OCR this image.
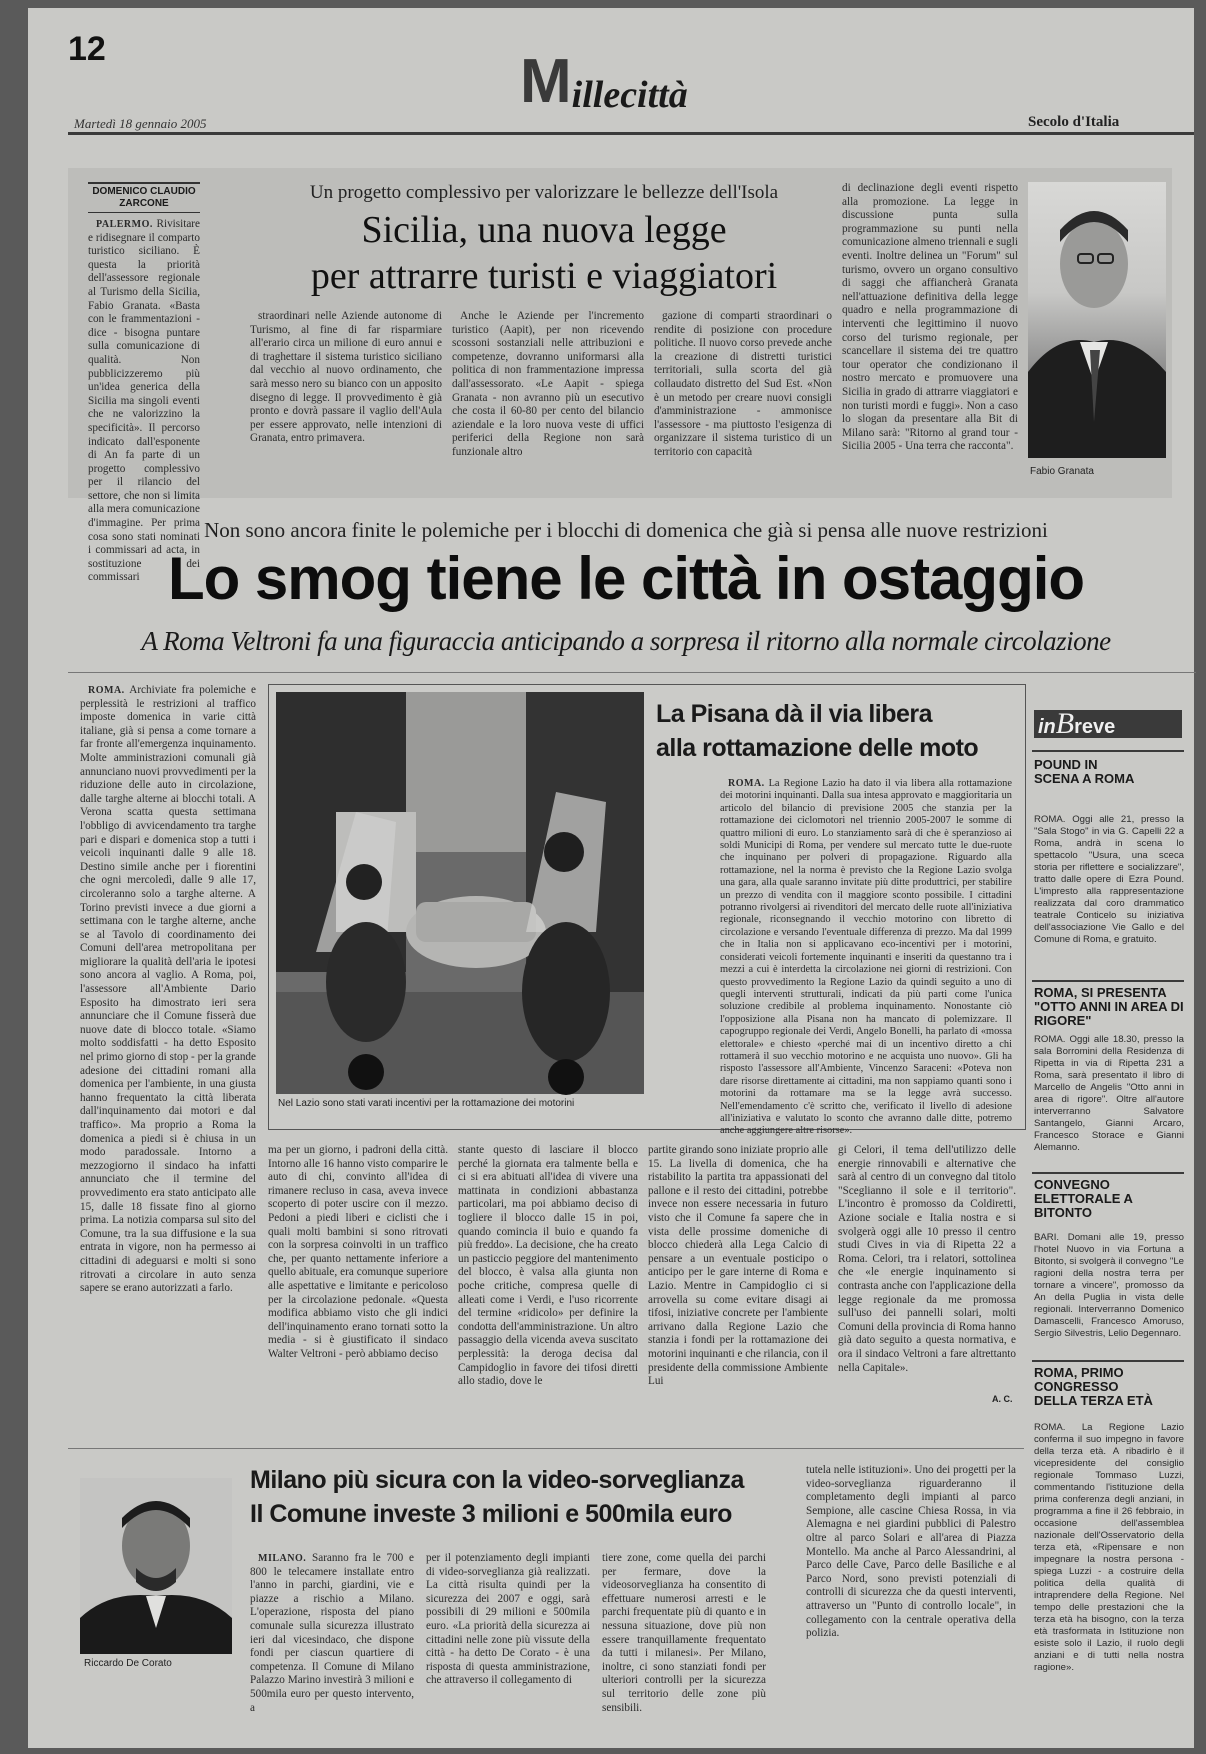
12	Millecittà
Martedì 18 gennaio 2005	Secolo d'Italia
DOMENICO CLAUDIO ZARCONE

PALERMO. Rivisitare e ridisegnare il comparto turistico siciliano. È questa la priorità dell'assessore regionale al Turismo della Sicilia, Fabio Granata. «Basta con le frammentazioni - dice - bisogna puntare sulla comunicazione di qualità. Non pubblicizzeremo più un'idea generica della Sicilia ma singoli eventi che ne valorizzino la specificità». Il percorso indicato dall'esponente di An fa parte di un progetto complessivo per il rilancio del settore, che non si limita alla mera comunicazione d'immagine. Per prima cosa sono stati nominati i commissari ad acta, in sostituzione dei commissari

Un progetto complessivo per valorizzare le bellezze dell'Isola
Sicilia, una nuova legge
per attrarre turisti e viaggiatori

straordinari nelle Aziende autonome di Turismo, al fine di far risparmiare all'erario circa un milione di euro annui e di traghettare il sistema turistico siciliano dal vecchio al nuovo ordinamento, che sarà messo nero su bianco con un apposito disegno di legge. Il provvedimento è già pronto e dovrà passare il vaglio dell'Aula per essere approvato, nelle intenzioni di Granata, entro primavera.

Anche le Aziende per l'incremento turistico (Aapit), per non ricevendo scossoni sostanziali nelle attribuzioni e competenze, dovranno uniformarsi alla politica di non frammentazione impressa dall'assessorato. «Le Aapit - spiega Granata - non avranno più un esecutivo che costa il 60-80 per cento del bilancio aziendale e la loro nuova veste di uffici periferici della Regione non sarà funzionale altro

gazione di comparti straordinari o rendite di posizione con procedure politiche. Il nuovo corso prevede anche la creazione di distretti turistici territoriali, sulla scorta del già collaudato distretto del Sud Est. «Non è un metodo per creare nuovi consigli d'amministrazione - ammonisce l'assessore - ma piuttosto l'esigenza di organizzare il sistema turistico di un territorio con capacità

di declinazione degli eventi rispetto alla promozione. La legge in discussione punta sulla programmazione su punti nella comunicazione almeno triennali e sugli eventi. Inoltre delinea un "Forum" sul turismo, ovvero un organo consultivo di saggi che affiancherà Granata nell'attuazione definitiva della legge quadro e nella programmazione di interventi che legittimino il nuovo corso del turismo regionale, per scancellare il sistema dei tre quattro tour operator che condizionano il nostro mercato e promuovere una Sicilia in grado di attrarre viaggiatori e non turisti mordi e fuggi». Non a caso lo slogan da presentare alla Bit di Milano sarà: "Ritorno al grand tour - Sicilia 2005 - Una terra che racconta".

Fabio Granata
Non sono ancora finite le polemiche per i blocchi di domenica che già si pensa alle nuove restrizioni
Lo smog tiene le città in ostaggio
A Roma Veltroni fa una figuraccia anticipando a sorpresa il ritorno alla normale circolazione

ROMA. Archiviate fra polemiche e perplessità le restrizioni al traffico imposte domenica in varie città italiane, già si pensa a come tornare a far fronte all'emergenza inquinamento. Molte amministrazioni comunali già annunciano nuovi provvedimenti per la riduzione delle auto in circolazione, dalle targhe alterne ai blocchi totali. A Verona scatta questa settimana l'obbligo di avvicendamento tra targhe pari e dispari e domenica stop a tutti i veicoli inquinanti dalle 9 alle 18. Destino simile anche per i fiorentini che ogni mercoledì, dalle 9 alle 17, circoleranno solo a targhe alterne. A Torino previsti invece a due giorni a settimana con le targhe alterne, anche se al Tavolo di coordinamento dei Comuni dell'area metropolitana per migliorare la qualità dell'aria le ipotesi sono ancora al vaglio. A Roma, poi, l'assessore all'Ambiente Dario Esposito ha dimostrato ieri sera annunciare che il Comune fisserà due nuove date di blocco totale. «Siamo molto soddisfatti - ha detto Esposito nel primo giorno di stop - per la grande adesione dei cittadini romani alla domenica per l'ambiente, in una giusta hanno frequentato la città liberata dall'inquinamento dai motori e dal traffico». Ma proprio a Roma la domenica a piedi si è chiusa in un modo paradossale. Intorno a mezzogiorno il sindaco ha infatti annunciato che il termine del provvedimento era stato anticipato alle 15, dalle 18 fissate fino al giorno prima. La notizia comparsa sul sito del Comune, tra la sua diffusione e la sua entrata in vigore, non ha permesso ai cittadini di adeguarsi e molti si sono ritrovati a circolare in auto senza sapere se erano autorizzati a farlo.

Nel Lazio sono stati varati incentivi per la rottamazione dei motorini
La Pisana dà il via libera
alla rottamazione delle moto

ROMA. La Regione Lazio ha dato il via libera alla rottamazione dei motorini inquinanti. Dalla sua intesa approvato e maggioritaria un articolo del bilancio di previsione 2005 che stanzia per la rottamazione dei ciclomotori nel triennio 2005-2007 le somme di quattro milioni di euro. Lo stanziamento sarà di che è speranzioso ai soldi Municipi di Roma, per vendere sul mercato tutte le due-ruote che inquinano per polveri di propagazione. Riguardo alla rottamazione, nel la norma è previsto che la Regione Lazio svolga una gara, alla quale saranno invitate più ditte produttrici, per stabilire un prezzo di vendita con il maggiore sconto possibile. I cittadini potranno rivolgersi ai rivenditori del mercato delle ruote all'iniziativa regionale, riconsegnando il vecchio motorino con libretto di circolazione e versando l'eventuale differenza di prezzo. Ma dal 1999 che in Italia non si applicavano eco-incentivi per i motorini, considerati veicoli fortemente inquinanti e inseriti da questanno tra i mezzi a cui è interdetta la circolazione nei giorni di restrizioni. Con questo provvedimento la Regione Lazio da quindi seguito a uno di quegli interventi strutturali, indicati da più parti come l'unica soluzione credibile al problema inquinamento. Nonostante ciò l'opposizione alla Pisana non ha mancato di polemizzare. Il capogruppo regionale dei Verdi, Angelo Bonelli, ha parlato di «mossa elettorale» e chiesto «perché mai di un incentivo diretto a chi rottamerà il suo vecchio motorino e ne acquista uno nuovo». Gli ha risposto l'assessore all'Ambiente, Vincenzo Saraceni: «Poteva non dare risorse direttamente ai cittadini, ma non sappiamo quanti sono i motorini da rottamare ma se la legge avrà successo. Nell'emendamento c'è scritto che, verificato il livello di adesione all'iniziativa e valutato lo sconto che avranno dalle ditte, potremo anche aggiungere altre risorse».

ma per un giorno, i padroni della città. Intorno alle 16 hanno visto comparire le auto di chi, convinto all'idea di rimanere recluso in casa, aveva invece scoperto di poter uscire con il mezzo. Pedoni a piedi liberi e ciclisti che i quali molti bambini si sono ritrovati con la sorpresa coinvolti in un traffico che, per quanto nettamente inferiore a quello abituale, era comunque superiore alle aspettative e limitante e pericoloso per la circolazione pedonale. «Questa modifica abbiamo visto che gli indici dell'inquinamento erano tornati sotto la media - si è giustificato il sindaco Walter Veltroni - però abbiamo deciso

stante questo di lasciare il blocco perché la giornata era talmente bella e ci si era abituati all'idea di vivere una mattinata in condizioni abbastanza particolari, ma poi abbiamo deciso di togliere il blocco dalle 15 in poi, quando comincia il buio e quando fa più freddo». La decisione, che ha creato un pasticcio peggiore del mantenimento del blocco, è valsa alla giunta non poche critiche, compresa quelle di alleati come i Verdi, e l'uso ricorrente del termine «ridicolo» per definire la condotta dell'amministrazione. Un altro passaggio della vicenda aveva suscitato perplessità: la deroga decisa dal Campidoglio in favore dei tifosi diretti allo stadio, dove le

partite girando sono iniziate proprio alle 15. La livella di domenica, che ha ristabilito la partita tra appassionati del pallone e il resto dei cittadini, potrebbe invece non essere necessaria in futuro visto che il Comune fa sapere che in vista delle prossime domeniche di blocco chiederà alla Lega Calcio di pensare a un eventuale posticipo o anticipo per le gare interne di Roma e Lazio. Mentre in Campidoglio ci si arrovella su come evitare disagi ai tifosi, iniziative concrete per l'ambiente arrivano dalla Regione Lazio che stanzia i fondi per la rottamazione dei motorini inquinanti e che rilancia, con il presidente della commissione Ambiente Lui

gi Celori, il tema dell'utilizzo delle energie rinnovabili e alternative che sarà al centro di un convegno dal titolo "Sceglianno il sole e il territorio". L'incontro è promosso da Coldiretti, Azione sociale e Italia nostra e si svolgerà oggi alle 10 presso il centro studi Cives in via di Ripetta 22 a Roma. Celori, tra i relatori, sottolinea che «le energie inquinamento si contrasta anche con l'applicazione della legge regionale da me promossa sull'uso dei pannelli solari, molti Comuni della provincia di Roma hanno già dato seguito a questa normativa, e ora il sindaco Veltroni a fare altrettanto nella Capitale».

A. C.
inBreve
POUND IN SCENA A ROMA
ROMA. Oggi alle 21, presso la "Sala Stogo" in via G. Capelli 22 a Roma, andrà in scena lo spettacolo "Usura, una sceca storia per riflettere e socializzare", tratto dalle opere di Ezra Pound. L'impresto alla rappresentazione realizzata dal coro drammatico teatrale Conticelo su iniziativa dell'associazione Vie Gallo e del Comune di Roma, e gratuito.
ROMA, SI PRESENTA "OTTO ANNI IN AREA DI RIGORE"
ROMA. Oggi alle 18.30, presso la sala Borromini della Residenza di Ripetta in via di Ripetta 231 a Roma, sarà presentato il libro di Marcello de Angelis "Otto anni in area di rigore". Oltre all'autore interverranno Salvatore Santangelo, Gianni Arcaro, Francesco Storace e Gianni Alemanno.
CONVEGNO ELETTORALE A BITONTO
BARI. Domani alle 19, presso l'hotel Nuovo in via Fortuna a Bitonto, si svolgerà il convegno "Le ragioni della nostra terra per tornare a vincere", promosso da An della Puglia in vista delle regionali. Interverranno Domenico Damascelli, Francesco Amoruso, Sergio Silvestris, Lelio Degennaro.
ROMA, PRIMO CONGRESSO DELLA TERZA ETÀ
ROMA. La Regione Lazio conferma il suo impegno in favore della terza età. A ribadirlo è il vicepresidente del consiglio regionale Tommaso Luzzi, commentando l'istituzione della prima conferenza degli anziani, in programma a fine il 26 febbraio, in occasione dell'assemblea nazionale dell'Osservatorio della terza età, «Ripensare e non impegnare la nostra persona - spiega Luzzi - a costruire della politica della qualità di intraprendere della Regione. Nel tempo delle prestazioni che la terza età ha bisogno, con la terza età trasformata in Istituzione non esiste solo il Lazio, il ruolo degli anziani e di tutti nella nostra ragione».
Riccardo De Corato
Milano più sicura con la video-sorveglianza
Il Comune investe 3 milioni e 500mila euro

MILANO. Saranno fra le 700 e 800 le telecamere installate entro l'anno in parchi, giardini, vie e piazze a rischio a Milano. L'operazione, risposta del piano comunale sulla sicurezza illustrato ieri dal vicesindaco, che dispone fondi per ciascun quartiere di competenza. Il Comune di Milano Palazzo Marino investirà 3 milioni e 500mila euro per questo intervento, a

per il potenziamento degli impianti di video-sorveglianza già realizzati. La città risulta quindi per la sicurezza dei 2007 e oggi, sarà possibili di 29 milioni e 500mila euro. «La priorità della sicurezza ai cittadini nelle zone più vissute della città - ha detto De Corato - è una risposta di questa amministrazione, che attraverso il collegamento di

tiere zone, come quella dei parchi per fermare, dove la videosorveglianza ha consentito di effettuare numerosi arresti e le parchi frequentate più di quanto e in nessuna situazione, dove più non essere tranquillamente frequentato da tutti i milanesi». Per Milano, inoltre, ci sono stanziati fondi per ulteriori controlli per la sicurezza sul territorio delle zone più sensibili.

tutela nelle istituzioni». Uno dei progetti per la video-sorveglianza riguarderanno il completamento degli impianti al parco Sempione, alle cascine Chiesa Rossa, in via Alemagna e nei giardini pubblici di Palestro oltre al parco Solari e all'area di Piazza Montello. Ma anche al Parco Alessandrini, al Parco delle Cave, Parco delle Basiliche e al Parco Nord, sono previsti potenziali di controlli di sicurezza che da questi interventi, attraverso un "Punto di controllo locale", in collegamento con la centrale operativa della polizia.
